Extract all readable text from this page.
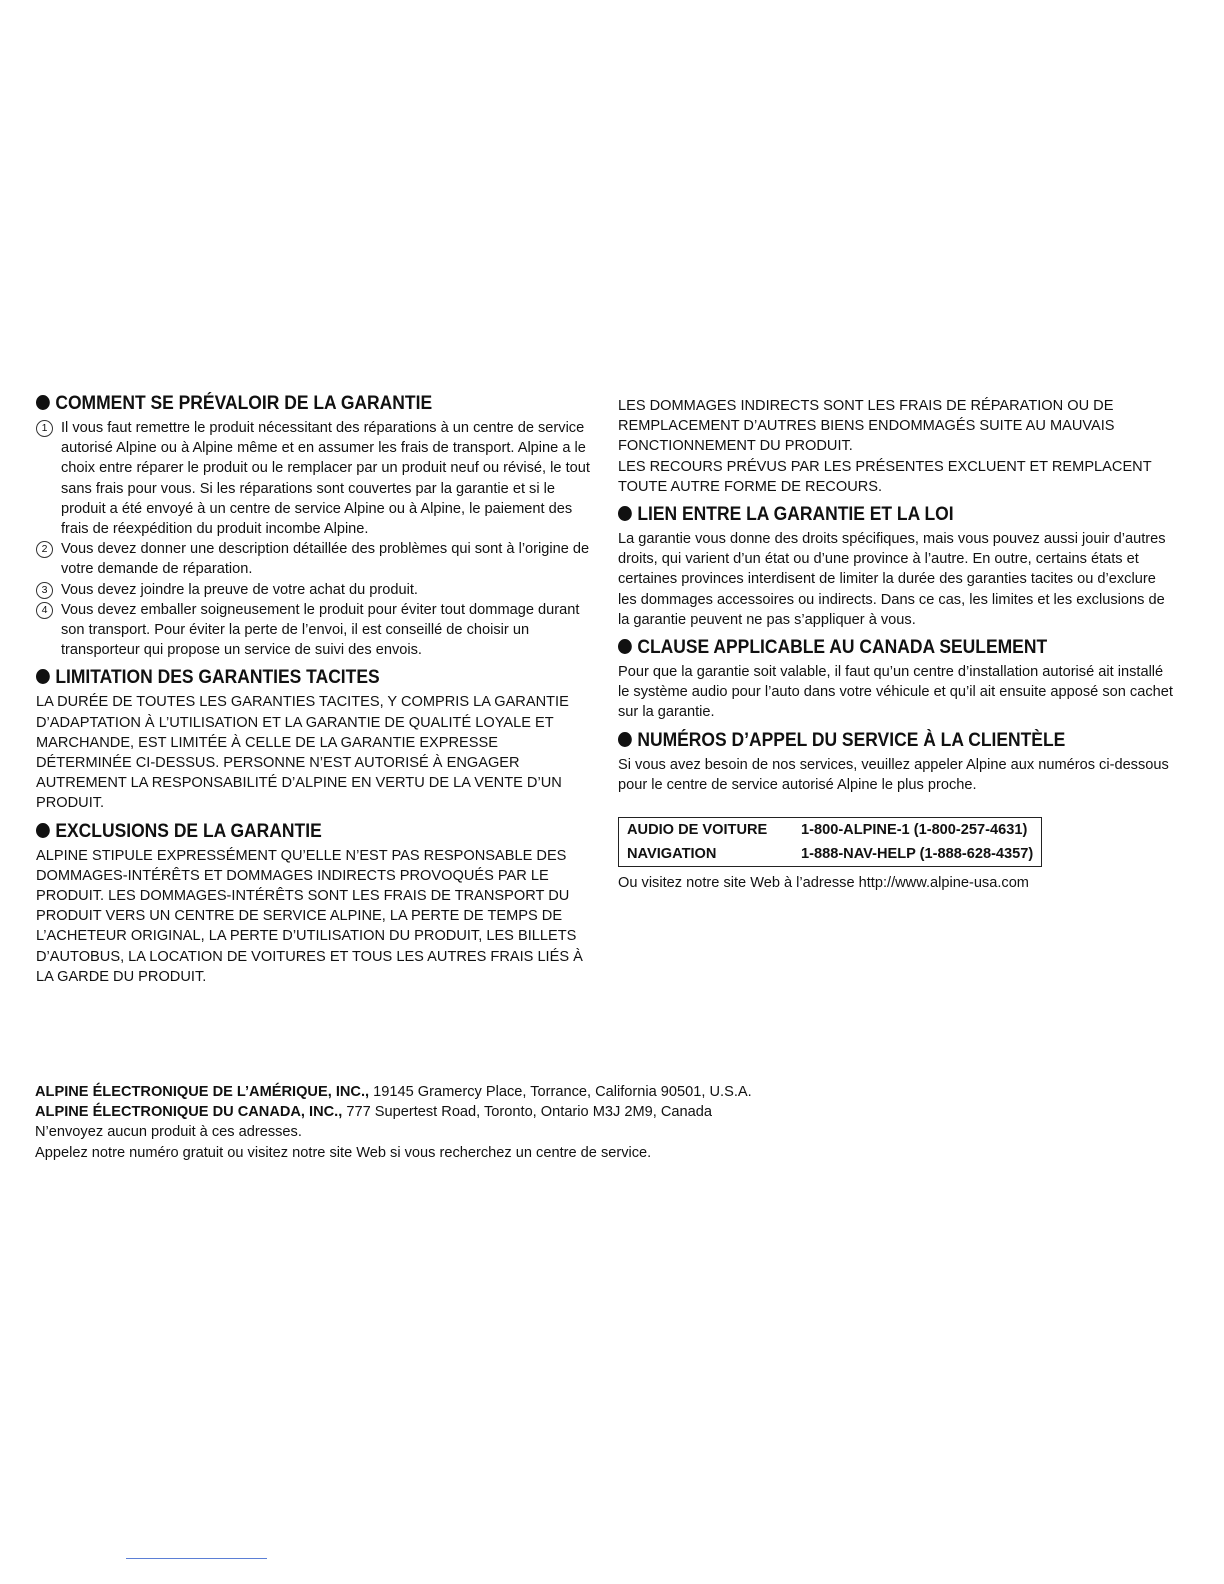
COMMENT SE PRÉVALOIR DE LA GARANTIE
1 Il vous faut remettre le produit nécessitant des réparations à un centre de service autorisé Alpine ou à Alpine même et en assumer les frais de transport. Alpine a le choix entre réparer le produit ou le remplacer par un produit neuf ou révisé, le tout sans frais pour vous. Si les réparations sont couvertes par la garantie et si le produit a été envoyé à un centre de service Alpine ou à Alpine, le paiement des frais de réexpédition du produit incombe Alpine.
2 Vous devez donner une description détaillée des problèmes qui sont à l’origine de votre demande de réparation.
3 Vous devez joindre la preuve de votre achat du produit.
4 Vous devez emballer soigneusement le produit pour éviter tout dommage durant son transport. Pour éviter la perte de l’envoi, il est conseillé de choisir un transporteur qui propose un service de suivi des envois.
LIMITATION DES GARANTIES TACITES

LA DURÉE DE TOUTES LES GARANTIES TACITES, Y COMPRIS LA GARANTIE D’ADAPTATION À L’UTILISATION ET LA GARANTIE DE QUALITÉ LOYALE ET MARCHANDE, EST LIMITÉE À CELLE DE LA GARANTIE EXPRESSE DÉTERMINÉE CI-DESSUS. PERSONNE N’EST AUTORISÉ À ENGAGER AUTREMENT LA RESPONSABILITÉ D’ALPINE EN VERTU DE LA VENTE D’UN PRODUIT.

EXCLUSIONS DE LA GARANTIE

ALPINE STIPULE EXPRESSÉMENT QU’ELLE N’EST PAS RESPONSABLE DES DOMMAGES-INTÉRÊTS ET DOMMAGES INDIRECTS PROVOQUÉS PAR LE PRODUIT. LES DOMMAGES-INTÉRÊTS SONT LES FRAIS DE TRANSPORT DU PRODUIT VERS UN CENTRE DE SERVICE ALPINE, LA PERTE DE TEMPS DE L’ACHETEUR ORIGINAL, LA PERTE D’UTILISATION DU PRODUIT, LES BILLETS D’AUTOBUS, LA LOCATION DE VOITURES ET TOUS LES AUTRES FRAIS LIÉS À LA GARDE DU PRODUIT.

LES DOMMAGES INDIRECTS SONT LES FRAIS DE RÉPARATION OU DE REMPLACEMENT D’AUTRES BIENS ENDOMMAGÉS SUITE AU MAUVAIS FONCTIONNEMENT DU PRODUIT.

LES RECOURS PRÉVUS PAR LES PRÉSENTES EXCLUENT ET REMPLACENT TOUTE AUTRE FORME DE RECOURS.

LIEN ENTRE LA GARANTIE ET LA LOI

La garantie vous donne des droits spécifiques, mais vous pouvez aussi jouir d’autres droits, qui varient d’un état ou d’une province à l’autre. En outre, certains états et certaines provinces interdisent de limiter la durée des garanties tacites ou d’exclure les dommages accessoires ou indirects. Dans ce cas, les limites et les exclusions de la garantie peuvent ne pas s’appliquer à vous.

CLAUSE APPLICABLE AU CANADA SEULEMENT

Pour que la garantie soit valable, il faut qu’un centre d’installation autorisé ait installé le système audio pour l’auto dans votre véhicule et qu’il ait ensuite apposé son cachet sur la garantie.

NUMÉROS D’APPEL DU SERVICE À LA CLIENTÈLE

Si vous avez besoin de nos services, veuillez appeler Alpine aux numéros ci-dessous pour le centre de service autorisé Alpine le plus proche.

AUDIO DE VOITURE	1-800-ALPINE-1 (1-800-257-4631)
NAVIGATION	1-888-NAV-HELP (1-888-628-4357)

Ou visitez notre site Web à l’adresse http://www.alpine-usa.com

ALPINE ÉLECTRONIQUE DE L’AMÉRIQUE, INC., 19145 Gramercy Place, Torrance, California 90501, U.S.A.

ALPINE ÉLECTRONIQUE DU CANADA, INC., 777 Supertest Road, Toronto, Ontario M3J 2M9, Canada

N’envoyez aucun produit à ces adresses.

Appelez notre numéro gratuit ou visitez notre site Web si vous recherchez un centre de service.
